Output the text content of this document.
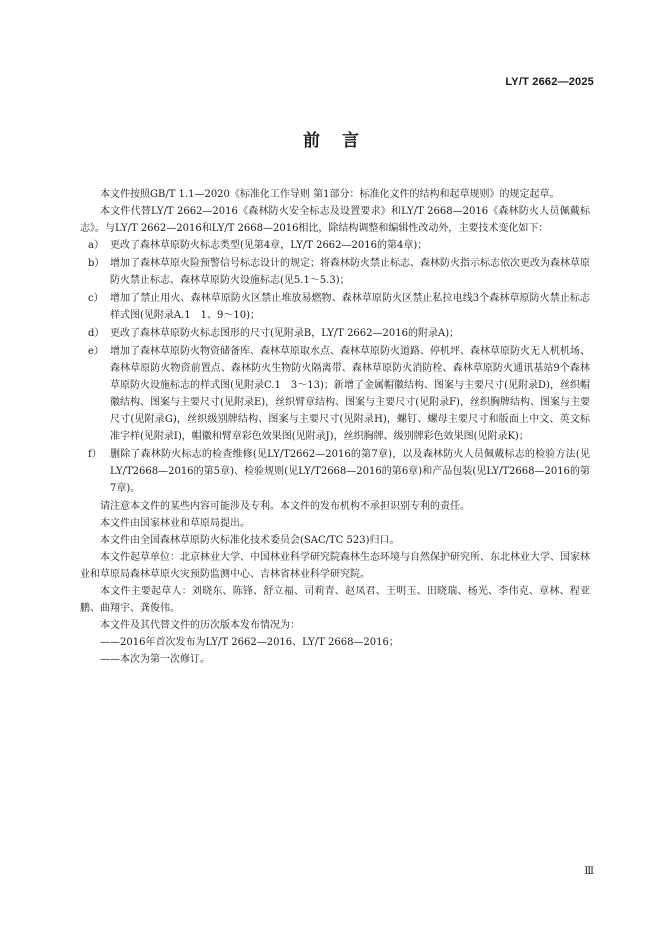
LY/T 2662—2025
前言

本文件按照GB/T 1.1—2020《标准化工作导则 第1部分：标准化文件的结构和起草规则》的规定起草。

本文件代替LY/T 2662—2016《森林防火安全标志及设置要求》和LY/T 2668—2016《森林防火人员佩戴标志》。与LY/T 2662—2016和LY/T 2668—2016相比，除结构调整和编辑性改动外，主要技术变化如下：

a） 更改了森林草原防火标志类型(见第4章，LY/T 2662—2016的第4章)；
b） 增加了森林草原火险预警信号标志设计的规定；将森林防火禁止标志、森林防火指示标志依次更改为森林草原防火禁止标志、森林草原防火设施标志(见5.1～5.3)；
c） 增加了禁止用火、森林草原防火区禁止堆放易燃物、森林草原防火区禁止私拉电线3个森林草原防火禁止标志样式图(见附录A.1　1、9～10)；
d） 更改了森林草原防火标志图形的尺寸(见附录B，LY/T 2662—2016的附录A)；
e） 增加了森林草原防火物资储备库、森林草原取水点、森林草原防火道路、停机坪、森林草原防火无人机机场、森林草原防火物资前置点、森林防火生物防火隔离带、森林草原防火消防栓、森林草原防火通讯基站9个森林草原防火设施标志的样式图(见附录C.1　3～13)；新增了金属帽徽结构、图案与主要尺寸(见附录D)，丝织帽徽结构、图案与主要尺寸(见附录E)，丝织臂章结构、图案与主要尺寸(见附录F)，丝织胸牌结构、图案与主要尺寸(见附录G)，丝织级别牌结构、图案与主要尺寸(见附录H)，螺钉、螺母主要尺寸和版面上中文、英文标准字样(见附录I)，帽徽和臂章彩色效果图(见附录J)，丝织胸牌、级别牌彩色效果图(见附录K)；
f） 删除了森林防火标志的检查维修(见LY/T2662—2016的第7章)，以及森林防火人员佩戴标志的检验方法(见LY/T2668—2016的第5章)、检验规则(见LY/T2668—2016的第6章)和产品包装(见LY/T2668—2016的第7章)。

请注意本文件的某些内容可能涉及专利。本文件的发布机构不承担识别专利的责任。

本文件由国家林业和草原局提出。

本文件由全国森林草原防火标准化技术委员会(SAC/TC 523)归口。

本文件起草单位：北京林业大学、中国林业科学研究院森林生态环境与自然保护研究所、东北林业大学、国家林业和草原局森林草原火灾预防监测中心、吉林省林业科学研究院。

本文件主要起草人：刘晓东、陈锋、舒立福、司莉青、赵凤君、王明玉、田晓瑞、杨光、李伟克、章林、程亚鹏、曲翔宇、龚俊伟。

本文件及其代替文件的历次版本发布情况为：

——2016年首次发布为LY/T 2662—2016、LY/T 2668—2016；

——本次为第一次修订。

Ⅲ
